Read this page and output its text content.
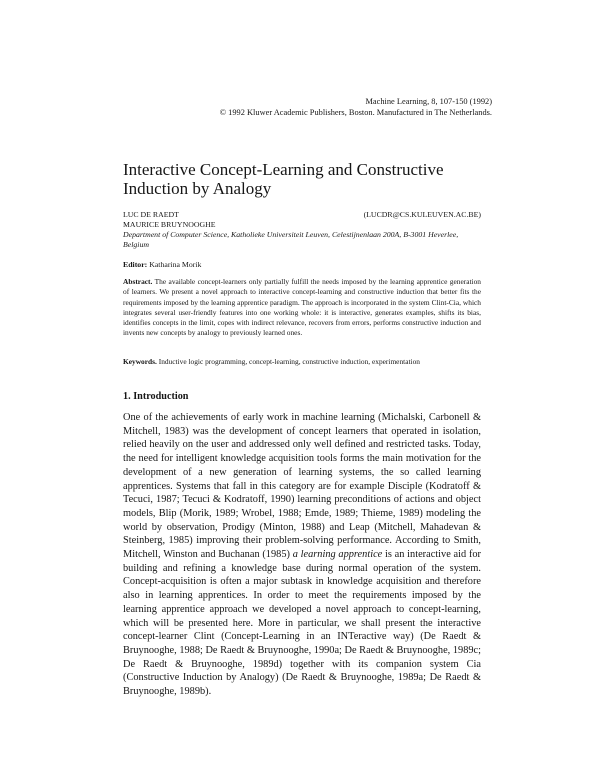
Machine Learning, 8, 107-150 (1992)
© 1992 Kluwer Academic Publishers, Boston. Manufactured in The Netherlands.
Interactive Concept-Learning and Constructive Induction by Analogy
LUC DE RAEDT	(LUCDR@CS.KULEUVEN.AC.BE)
MAURICE BRUYNOOGHE
Department of Computer Science, Katholieke Universiteit Leuven, Celestijnenlaan 200A, B-3001 Heverlee, Belgium
Editor: Katharina Morik
Abstract. The available concept-learners only partially fulfill the needs imposed by the learning apprentice generation of learners. We present a novel approach to interactive concept-learning and constructive induction that better fits the requirements imposed by the learning apprentice paradigm. The approach is incorporated in the system Clint-Cia, which integrates several user-friendly features into one working whole: it is interactive, generates examples, shifts its bias, identifies concepts in the limit, copes with indirect relevance, recovers from errors, performs constructive induction and invents new concepts by analogy to previously learned ones.
Keywords. Inductive logic programming, concept-learning, constructive induction, experimentation
1. Introduction

One of the achievements of early work in machine learning (Michalski, Carbonell & Mitchell, 1983) was the development of concept learners that operated in isolation, relied heavily on the user and addressed only well defined and restricted tasks. Today, the need for intelligent knowledge acquisition tools forms the main motivation for the development of a new generation of learning systems, the so called learning apprentices. Systems that fall in this category are for example Disciple (Kodratoff & Tecuci, 1987; Tecuci & Kodratoff, 1990) learning preconditions of actions and object models, Blip (Morik, 1989; Wrobel, 1988; Emde, 1989; Thieme, 1989) modeling the world by observation, Prodigy (Minton, 1988) and Leap (Mitchell, Mahadevan & Steinberg, 1985) improving their problem-solving performance. According to Smith, Mitchell, Winston and Buchanan (1985) a learning apprentice is an interactive aid for building and refining a knowledge base during normal operation of the system. Concept-acquisition is often a major subtask in knowledge acquisition and therefore also in learning apprentices. In order to meet the requirements imposed by the learning apprentice approach we developed a novel approach to concept-learning, which will be presented here. More in particular, we shall present the interactive concept-learner Clint (Concept-Learning in an INTeractive way) (De Raedt & Bruynooghe, 1988; De Raedt & Bruynooghe, 1990a; De Raedt & Bruynooghe, 1989c; De Raedt & Bruynooghe, 1989d) together with its companion system Cia (Constructive Induction by Analogy) (De Raedt & Bruynooghe, 1989a; De Raedt & Bruynooghe, 1989b).
